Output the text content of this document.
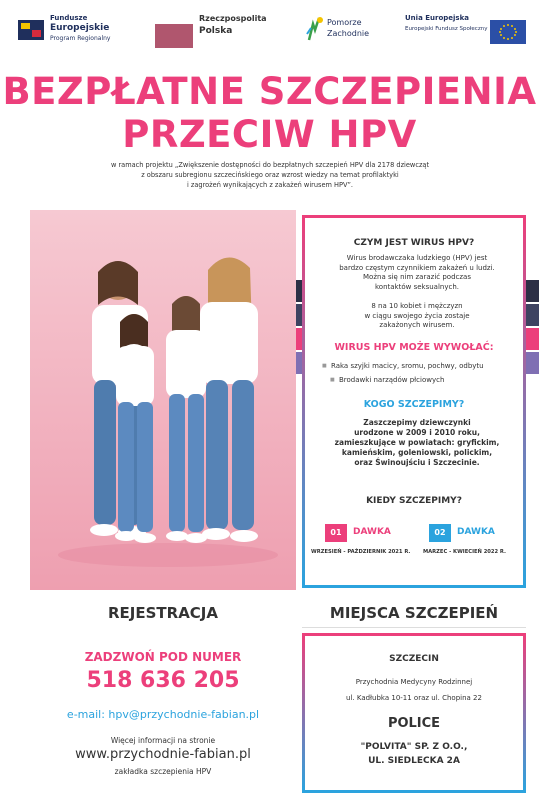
Fundusze
Europejskie
Program Regionalny
Rzeczpospolita
Polska
Pomorze
Zachodnie
Unia Europejska
Europejski Fundusz Społeczny
BEZPŁATNE SZCZEPIENIA
PRZECIW HPV
w ramach projektu „Zwiększenie dostępności do bezpłatnych szczepień HPV dla 2178 dziewcząt
z obszaru subregionu szczecińskiego oraz wzrost wiedzy na temat profilaktyki
i zagrożeń wynikających z zakażeń wirusem HPV”.
CZYM JEST WIRUS HPV?
Wirus brodawczaka ludzkiego (HPV) jest
bardzo częstym czynnikiem zakażeń u ludzi.
Można się nim zarazić podczas
kontaktów seksualnych.
8 na 10 kobiet i mężczyzn
w ciągu swojego życia zostaje
zakażonych wirusem.
WIRUS HPV MOŻE WYWOŁAĆ:
■ Raka szyjki macicy, sromu, pochwy, odbytu
■ Brodawki narządów płciowych
KOGO SZCZEPIMY?
Zaszczepimy dziewczynki
urodzone w 2009 i 2010 roku,
zamieszkujące w powiatach: gryfickim,
kamieńskim, goleniowski, polickim,
oraz Świnoujściu i Szczecinie.
KIEDY SZCZEPIMY?
01	DAWKA
WRZESIEŃ - PAŹDZIERNIK 2021 R.
02	DAWKA
MARZEC - KWIECIEŃ 2022 R.
REJESTRACJA
ZADZWOŃ POD NUMER
518 636 205
e-mail: hpv@przychodnie-fabian.pl
Więcej informacji na stronie
www.przychodnie-fabian.pl
zakładka szczepienia HPV
MIEJSCA SZCZEPIEŃ
SZCZECIN
Przychodnia Medycyny Rodzinnej
ul. Kadłubka 10-11 oraz ul. Chopina 22
POLICE
"POLVITA" SP. Z O.O.,
UL. SIEDLECKA 2A
